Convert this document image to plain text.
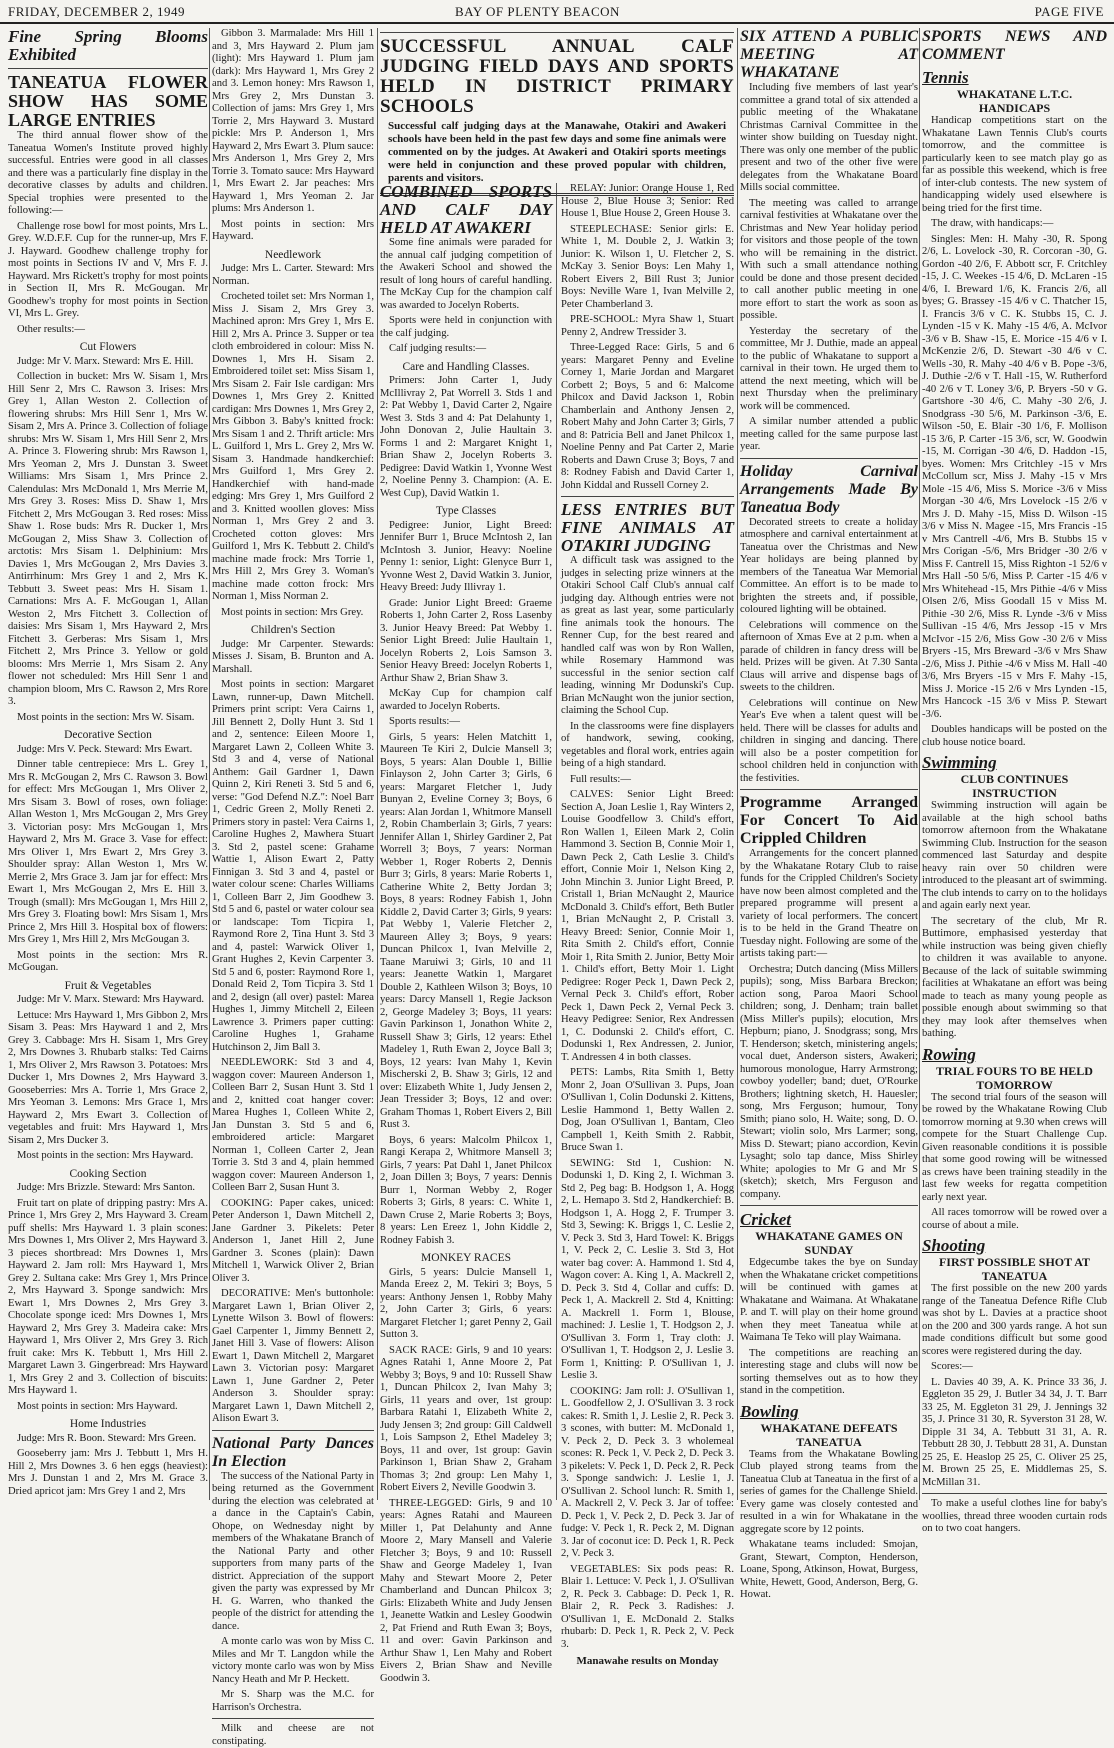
FRIDAY, DECEMBER 2, 1949	BAY OF PLENTY BEACON	PAGE FIVE
Fine Spring Blooms Exhibited
TANEATUA FLOWER SHOW HAS SOME LARGE ENTRIES

The third annual flower show of the Taneatua Women's Institute proved highly successful. Entries were good in all classes and there was a particularly fine display in the decorative classes by adults and children. Special trophies were presented to the following:—

Challenge rose bowl for most points, Mrs L. Grey. W.D.F.F. Cup for the runner-up, Mrs F. J. Hayward. Goodhew challenge trophy for most points in Sections IV and V, Mrs F. J. Hayward. Mrs Rickett's trophy for most points in Section II, Mrs R. McGougan. Mr Goodhew's trophy for most points in Section VI, Mrs L. Grey.

Other results:—

Cut Flowers

Judge: Mr V. Marx. Steward: Mrs E. Hill.

Collection in bucket: Mrs W. Sisam 1, Mrs Hill Senr 2, Mrs C. Rawson 3. Irises: Mrs Grey 1, Allan Weston 2. Collection of flowering shrubs: Mrs Hill Senr 1, Mrs W. Sisam 2, Mrs A. Prince 3. Collection of foliage shrubs: Mrs W. Sisam 1, Mrs Hill Senr 2, Mrs A. Prince 3. Flowering shrub: Mrs Rawson 1, Mrs Yeoman 2, Mrs J. Dunstan 3. Sweet Williams: Mrs Sisam 1, Mrs Prince 2. Calendulas: Mrs McDonald 1, Mrs Merrie M, Mrs Grey 3. Roses: Miss D. Shaw 1, Mrs Fitchett 2, Mrs McGougan 3. Red roses: Miss Shaw 1. Rose buds: Mrs R. Ducker 1, Mrs McGougan 2, Miss Shaw 3. Collection of arctotis: Mrs Sisam 1. Delphinium: Mrs Davies 1, Mrs McGougan 2, Mrs Davies 3. Antirrhinum: Mrs Grey 1 and 2, Mrs K. Tebbutt 3. Sweet peas: Mrs H. Sisam 1. Carnations: Mrs A. F. McGougan 1, Allan Weston 2, Mrs Fitchett 3. Collection of daisies: Mrs Sisam 1, Mrs Hayward 2, Mrs Fitchett 3. Gerberas: Mrs Sisam 1, Mrs Fitchett 2, Mrs Prince 3. Yellow or gold blooms: Mrs Merrie 1, Mrs Sisam 2. Any flower not scheduled: Mrs Hill Senr 1 and champion bloom, Mrs C. Rawson 2, Mrs Rore 3.

Most points in the section: Mrs W. Sisam.

Decorative Section

Judge: Mrs V. Peck. Steward: Mrs Ewart.

Dinner table centrepiece: Mrs L. Grey 1, Mrs R. McGougan 2, Mrs C. Rawson 3. Bowl for effect: Mrs McGougan 1, Mrs Oliver 2, Mrs Sisam 3. Bowl of roses, own foliage: Allan Weston 1, Mrs McGougan 2, Mrs Grey 3. Victorian posy: Mrs McGougan 1, Mrs Hayward 2, Mrs M. Grace 3. Vase for effect: Mrs Oliver 1, Mrs Ewart 2, Mrs Grey 3. Shoulder spray: Allan Weston 1, Mrs W. Merrie 2, Mrs Grace 3. Jam jar for effect: Mrs Ewart 1, Mrs McGougan 2, Mrs E. Hill 3. Trough (small): Mrs McGougan 1, Mrs Hill 2, Mrs Grey 3. Floating bowl: Mrs Sisam 1, Mrs Prince 2, Mrs Hill 3. Hospital box of flowers: Mrs Grey 1, Mrs Hill 2, Mrs McGougan 3.

Most points in the section: Mrs R. McGougan.

Fruit & Vegetables

Judge: Mr V. Marx. Steward: Mrs Hayward.

Lettuce: Mrs Hayward 1, Mrs Gibbon 2, Mrs Sisam 3. Peas: Mrs Hayward 1 and 2, Mrs Grey 3. Cabbage: Mrs H. Sisam 1, Mrs Grey 2, Mrs Downes 3. Rhubarb stalks: Ted Cairns 1, Mrs Oliver 2, Mrs Rawson 3. Potatoes: Mrs Ducker 1, Mrs Downes 2, Mrs Hayward 3. Gooseberries: Mrs A. Torrie 1, Mrs Grace 2, Mrs Yeoman 3. Lemons: Mrs Grace 1, Mrs Hayward 2, Mrs Ewart 3. Collection of vegetables and fruit: Mrs Hayward 1, Mrs Sisam 2, Mrs Ducker 3.

Most points in the section: Mrs Hayward.

Cooking Section

Judge: Mrs Brizzle. Steward: Mrs Santon.

Fruit tart on plate of dripping pastry: Mrs A. Prince 1, Mrs Grey 2, Mrs Hayward 3. Cream puff shells: Mrs Hayward 1. 3 plain scones: Mrs Downes 1, Mrs Oliver 2, Mrs Hayward 3. 3 pieces shortbread: Mrs Downes 1, Mrs Hayward 2. Jam roll: Mrs Hayward 1, Mrs Grey 2. Sultana cake: Mrs Grey 1, Mrs Prince 2, Mrs Hayward 3. Sponge sandwich: Mrs Ewart 1, Mrs Downes 2, Mrs Grey 3. Chocolate sponge iced: Mrs Downes 1, Mrs Hayward 2, Mrs Grey 3. Madeira cake: Mrs Hayward 1, Mrs Oliver 2, Mrs Grey 3. Rich fruit cake: Mrs K. Tebbutt 1, Mrs Hill 2. Margaret Lawn 3. Gingerbread: Mrs Hayward 1, Mrs Grey 2 and 3. Collection of biscuits: Mrs Hayward 1.

Most points in section: Mrs Hayward.

Home Industries

Judge: Mrs R. Boon. Steward: Mrs Green.

Gooseberry jam: Mrs J. Tebbutt 1, Mrs H. Hill 2, Mrs Downes 3. 6 hen eggs (heaviest): Mrs J. Dunstan 1 and 2, Mrs M. Grace 3. Dried apricot jam: Mrs Grey 1 and 2, Mrs

Gibbon 3. Marmalade: Mrs Hill 1 and 3, Mrs Hayward 2. Plum jam (light): Mrs Hayward 1. Plum jam (dark): Mrs Hayward 1, Mrs Grey 2 and 3. Lemon honey: Mrs Rawson 1, Mrs Grey 2, Mrs Dunstan 3. Collection of jams: Mrs Grey 1, Mrs Torrie 2, Mrs Hayward 3. Mustard pickle: Mrs P. Anderson 1, Mrs Hayward 2, Mrs Ewart 3. Plum sauce: Mrs Anderson 1, Mrs Grey 2, Mrs Torrie 3. Tomato sauce: Mrs Hayward 1, Mrs Ewart 2. Jar peaches: Mrs Hayward 1, Mrs Yeoman 2. Jar plums: Mrs Anderson 1.

Most points in section: Mrs Hayward.

Needlework

Judge: Mrs L. Carter. Steward: Mrs Norman.

Crocheted toilet set: Mrs Norman 1, Miss J. Sisam 2, Mrs Grey 3. Machined apron: Mrs Grey 1, Mrs E. Hill 2, Mrs A. Prince 3. Supper or tea cloth embroidered in colour: Miss N. Downes 1, Mrs H. Sisam 2. Embroidered toilet set: Miss Sisam 1, Mrs Sisam 2. Fair Isle cardigan: Mrs Downes 1, Mrs Grey 2. Knitted cardigan: Mrs Downes 1, Mrs Grey 2, Mrs Gibbon 3. Baby's knitted frock: Mrs Sisam 1 and 2. Thrift article: Mrs L. Guilford 1, Mrs L. Grey 2, Mrs W. Sisam 3. Handmade handkerchief: Mrs Guilford 1, Mrs Grey 2. Handkerchief with hand-made edging: Mrs Grey 1, Mrs Guilford 2 and 3. Knitted woollen gloves: Miss Norman 1, Mrs Grey 2 and 3. Crocheted cotton gloves: Mrs Guilford 1, Mrs K. Tebbutt 2. Child's machine made frock: Mrs Torrie 1, Mrs Hill 2, Mrs Grey 3. Woman's machine made cotton frock: Mrs Norman 1, Miss Norman 2.

Most points in section: Mrs Grey.

Children's Section

Judge: Mr Carpenter. Stewards: Misses J. Sisam, B. Brunton and A. Marshall.

Most points in section: Margaret Lawn, runner-up, Dawn Mitchell. Primers print script: Vera Cairns 1, Jill Bennett 2, Dolly Hunt 3. Std 1 and 2, sentence: Eileen Moore 1, Margaret Lawn 2, Colleen White 3. Std 3 and 4, verse of National Anthem: Gail Gardner 1, Dawn Quinn 2, Kiri Reneti 3. Std 5 and 6, verse: "God Defend N.Z.": Noel Barr 1, Cedric Green 2, Molly Reneti 2. Primers story in pastel: Vera Cairns 1, Caroline Hughes 2, Mawhera Stuart 3. Std 2, pastel scene: Grahame Wattie 1, Alison Ewart 2, Patty Finnigan 3. Std 3 and 4, pastel or water colour scene: Charles Williams 1, Colleen Barr 2, Jim Goodhew 3. Std 5 and 6, pastel or water colour sea or landscape: Tom Ticpira 1, Raymond Rore 2, Tina Hunt 3. Std 3 and 4, pastel: Warwick Oliver 1, Grant Hughes 2, Kevin Carpenter 3. Std 5 and 6, poster: Raymond Rore 1, Donald Reid 2, Tom Ticpira 3. Std 1 and 2, design (all over) pastel: Marea Hughes 1, Jimmy Mitchell 2, Eileen Lawrence 3. Primers paper cutting: Caroline Hughes 1, Grahame Hutchinson 2, Jim Ball 3.

NEEDLEWORK: Std 3 and 4, waggon cover: Maureen Anderson 1, Colleen Barr 2, Susan Hunt 3. Std 1 and 2, knitted coat hanger cover: Marea Hughes 1, Colleen White 2, Jan Dunstan 3. Std 5 and 6, embroidered article: Margaret Norman 1, Colleen Carter 2, Jean Torrie 3. Std 3 and 4, plain hemmed waggon cover: Maureen Anderson 1, Colleen Barr 2, Susan Hunt 3.

COOKING: Paper cakes, uniced: Peter Anderson 1, Dawn Mitchell 2, Jane Gardner 3. Pikelets: Peter Anderson 1, Janet Hill 2, June Gardner 3. Scones (plain): Dawn Mitchell 1, Warwick Oliver 2, Brian Oliver 3.

DECORATIVE: Men's buttonhole: Margaret Lawn 1, Brian Oliver 2, Lynette Wilson 3. Bowl of flowers: Gael Carpenter 1, Jimmy Bennett 2, Janet Hill 3. Vase of flowers: Alison Ewart 1, Dawn Mitchell 2, Margaret Lawn 3. Victorian posy: Margaret Lawn 1, June Gardner 2, Peter Anderson 3. Shoulder spray: Margaret Lawn 1, Dawn Mitchell 2, Alison Ewart 3.

National Party Dances In Election

The success of the National Party in being returned as the Government during the election was celebrated at a dance in the Captain's Cabin, Ohope, on Wednesday night by members of the Whakatane Branch of the National Party and other supporters from many parts of the district. Appreciation of the support given the party was expressed by Mr H. G. Warren, who thanked the people of the district for attending the dance.

A monte carlo was won by Miss C. Miles and Mr T. Langdon while the victory monte carlo was won by Miss Nancy Heath and Mr P. Heckett.

Mr S. Sharp was the M.C. for Harrison's Orchestra.

Milk and cheese are not constipating.

SUCCESSFUL ANNUAL CALF JUDGING FIELD DAYS AND SPORTS HELD IN DISTRICT PRIMARY SCHOOLS
Successful calf judging days at the Manawahe, Otakiri and Awakeri schools have been held in the past few days and some fine animals were commented on by the judges. At Awakeri and Otakiri sports meetings were held in conjunction and these proved popular with children, parents and visitors.
COMBINED SPORTS AND CALF DAY HELD AT AWAKERI

Some fine animals were paraded for the annual calf judging competition of the Awakeri School and showed the result of long hours of careful handling. The McKay Cup for the champion calf was awarded to Jocelyn Roberts.

Sports were held in conjunction with the calf judging.

Calf judging results:—

Care and Handling Classes.

Primers: John Carter 1, Judy McIllivray 2, Pat Worrell 3. Stds 1 and 2: Pat Webby 1, David Carter 2, Ngaire West 3. Stds 3 and 4: Pat Delahunty 1, John Donovan 2, Julie Haultain 3. Forms 1 and 2: Margaret Knight 1, Brian Shaw 2, Jocelyn Roberts 3. Pedigree: David Watkin 1, Yvonne West 2, Noeline Penny 3. Champion: (A. E. West Cup), David Watkin 1.

Type Classes

Pedigree: Junior, Light Breed: Jennifer Burr 1, Bruce McIntosh 2, Ian McIntosh 3. Junior, Heavy: Noeline Penny 1: senior, Light: Glenyce Burr 1, Yvonne West 2, David Watkin 3. Junior, Heavy Breed: Judy Illivray 1.

Grade: Junior Light Breed: Graeme Roberts 1, John Carter 2, Ross Lasenby 3. Junior Heavy Breed: Pat Webby 1. Senior Light Breed: Julie Haultain 1, Jocelyn Roberts 2, Lois Samson 3. Senior Heavy Breed: Jocelyn Roberts 1, Arthur Shaw 2, Brian Shaw 3.

McKay Cup for champion calf awarded to Jocelyn Roberts.

Sports results:—

Girls, 5 years: Helen Matchitt 1, Maureen Te Kiri 2, Dulcie Mansell 3; Boys, 5 years: Alan Double 1, Billie Finlayson 2, John Carter 3; Girls, 6 years: Margaret Fletcher 1, Judy Bunyan 2, Eveline Corney 3; Boys, 6 years: Alan Jordan 1, Whitmore Mansell 2, Robin Chamberlain 3; Girls, 7 years: Jennifer Allan 1, Shirley Gardiner 2, Pat Worrell 3; Boys, 7 years: Norman Webber 1, Roger Roberts 2, Dennis Burr 3; Girls, 8 years: Marie Roberts 1, Catherine White 2, Betty Jordan 3; Boys, 8 years: Rodney Fabish 1, John Kiddle 2, David Carter 3; Girls, 9 years: Pat Webby 1, Valerie Fletcher 2, Maureen Alley 3; Boys, 9 years: Duncan Philcox 1, Ivan Melville 2, Taane Maruiwi 3; Girls, 10 and 11 years: Jeanette Watkin 1, Margaret Double 2, Kathleen Wilson 3; Boys, 10 years: Darcy Mansell 1, Regie Jackson 2, George Madeley 3; Boys, 11 years: Gavin Parkinson 1, Jonathon White 2, Russell Shaw 3; Girls, 12 years: Ethel Madeley 1, Ruth Ewan 2, Joyce Ball 3; Boys, 12 years: Ivan Mahy 1, Kevin Mischerski 2, B. Shaw 3; Girls, 12 and over: Elizabeth White 1, Judy Jensen 2, Jean Tressider 3; Boys, 12 and over: Graham Thomas 1, Robert Eivers 2, Bill Rust 3.

Boys, 6 years: Malcolm Philcox 1, Rangi Kerapa 2, Whitmore Mansell 3; Girls, 7 years: Pat Dahl 1, Janet Philcox 2, Joan Dillen 3; Boys, 7 years: Dennis Burr 1, Norman Webby 2, Roger Roberts 3; Girls, 8 years: C. White 1, Dawn Cruse 2, Marie Roberts 3; Boys, 8 years: Len Ereez 1, John Kiddle 2, Rodney Fabish 3.

MONKEY RACES

Girls, 5 years: Dulcie Mansell 1, Manda Ereez 2, M. Tekiri 3; Boys, 5 years: Anthony Jensen 1, Robby Mahy 2, John Carter 3; Girls, 6 years: Margaret Fletcher 1; garet Penny 2, Gail Sutton 3.

SACK RACE: Girls, 9 and 10 years: Agnes Ratahi 1, Anne Moore 2, Pat Webby 3; Boys, 9 and 10: Russell Shaw 1, Duncan Philcox 2, Ivan Mahy 3; Girls, 11 years and over, 1st group: Barbara Ratahi 1, Elizabeth White 2, Judy Jensen 3; 2nd group: Gill Caldwell 1, Lois Sampson 2, Ethel Madeley 3; Boys, 11 and over, 1st group: Gavin Parkinson 1, Brian Shaw 2, Graham Thomas 3; 2nd group: Len Mahy 1, Robert Eivers 2, Neville Goodwin 3.

THREE-LEGGED: Girls, 9 and 10 years: Agnes Ratahi and Maureen Miller 1, Pat Delahunty and Anne Moore 2, Mary Mansell and Valerie Fletcher 3; Boys, 9 and 10: Russell Shaw and George Madeley 1, Ivan Mahy and Stewart Moore 2, Peter Chamberland and Duncan Philcox 3; Girls: Elizabeth White and Judy Jensen 1, Jeanette Watkin and Lesley Goodwin 2, Pat Friend and Ruth Ewan 3; Boys, 11 and over: Gavin Parkinson and Arthur Shaw 1, Len Mahy and Robert Eivers 2, Brian Shaw and Neville Goodwin 3.

RELAY: Junior: Orange House 1, Red House 2, Blue House 3; Senior: Red House 1, Blue House 2, Green House 3.

STEEPLECHASE: Senior girls: E. White 1, M. Double 2, J. Watkin 3; Junior: K. Wilson 1, U. Fletcher 2, S. McKay 3. Senior Boys: Len Mahy 1, Robert Eivers 2, Bill Rust 3; Junior Boys: Neville Ware 1, Ivan Melville 2, Peter Chamberland 3.

PRE-SCHOOL: Myra Shaw 1, Stuart Penny 2, Andrew Tressider 3.

Three-Legged Race: Girls, 5 and 6 years: Margaret Penny and Eveline Corney 1, Marie Jordan and Margaret Corbett 2; Boys, 5 and 6: Malcome Philcox and David Jackson 1, Robin Chamberlain and Anthony Jensen 2, Robert Mahy and John Carter 3; Girls, 7 and 8: Patricia Bell and Janet Philcox 1, Noeline Penny and Pat Carter 2, Marie Roberts and Dawn Cruse 3; Boys, 7 and 8: Rodney Fabish and David Carter 1, John Kiddal and Russell Corney 2.

LESS ENTRIES BUT FINE ANIMALS AT OTAKIRI JUDGING

A difficult task was assigned to the judges in selecting prize winners at the Otakiri School Calf Club's annual calf judging day. Although entries were not as great as last year, some particularly fine animals took the honours. The Renner Cup, for the best reared and handled calf was won by Ron Wallen, while Rosemary Hammond was successful in the senior section calf leading, winning Mr Dodunski's Cup. Brian McNaught won the junior section, claiming the School Cup.

In the classrooms were fine displayers of handwork, sewing, cooking, vegetables and floral work, entries again being of a high standard.

Full results:—

CALVES: Senior Light Breed: Section A, Joan Leslie 1, Ray Winters 2, Louise Goodfellow 3. Child's effort, Ron Wallen 1, Eileen Mark 2, Colin Hammond 3. Section B, Connie Moir 1, Dawn Peck 2, Cath Leslie 3. Child's effort, Connie Moir 1, Nelson King 2, John Minchin 3. Junior Light Breed, P. Cristall 1, Brian McNaught 2, Maurice McDonald 3. Child's effort, Beth Butler 1, Brian McNaught 2, P. Cristall 3. Heavy Breed: Senior, Connie Moir 1, Rita Smith 2. Child's effort, Connie Moir 1, Rita Smith 2. Junior, Betty Moir 1. Child's effort, Betty Moir 1. Light Pedigree: Roger Peck 1, Dawn Peck 2, Vernal Peck 3. Child's effort, Rober Peck 1, Dawn Peck 2, Vernal Peck 3. Heavy Pedigree: Senior, Rex Andressen 1, C. Dodunski 2. Child's effort, C. Dodunski 1, Rex Andressen, 2. Junior, T. Andressen 4 in both classes.

PETS: Lambs, Rita Smith 1, Betty Monr 2, Joan O'Sullivan 3. Pups, Joan O'Sullivan 1, Colin Dodunski 2. Kittens, Leslie Hammond 1, Betty Wallen 2. Dog, Joan O'Sullivan 1, Bantam, Cleo Campbell 1, Keith Smith 2. Rabbit, Bruce Swan 1.

SEWING: Std 1, Cushion: N. Dodunski 1, D. King 2, I. Wichman 3. Std 2, Peg bag: B. Hodgson 1, A. Hogg 2, L. Hemapo 3. Std 2, Handkerchief: B. Hodgson 1, A. Hogg 2, F. Trumper 3. Std 3, Sewing: K. Briggs 1, C. Leslie 2, V. Peck 3. Std 3, Hard Towel: K. Briggs 1, V. Peck 2, C. Leslie 3. Std 3, Hot water bag cover: A. Hammond 1. Std 4, Wagon cover: A. King 1, A. Mackrell 2, D. Peck 3. Std 4, Collar and cuffs: D. Peck 1, A. Mackrell 2. Std 4, Knitting: A. Mackrell 1. Form 1, Blouse, machined: J. Leslie 1, T. Hodgson 2, J. O'Sullivan 3. Form 1, Tray cloth: J. O'Sullivan 1, T. Hodgson 2, J. Leslie 3. Form 1, Knitting: P. O'Sullivan 1, J. Leslie 3.

COOKING: Jam roll: J. O'Sullivan 1, L. Goodfellow 2, J. O'Sullivan 3. 3 rock cakes: R. Smith 1, J. Leslie 2, R. Peck 3. 3 scones, with butter: M. McDonald 1, V. Peck 2, D. Peck 3. 3 wholemeal scones: R. Peck 1, V. Peck 2, D. Peck 3. 3 pikelets: V. Peck 1, D. Peck 2, R. Peck 3. Sponge sandwich: J. Leslie 1, J. O'Sullivan 2. School lunch: R. Smith 1, A. Mackrell 2, V. Peck 3. Jar of toffee: D. Peck 1, V. Peck 2, D. Peck 3. Jar of fudge: V. Peck 1, R. Peck 2, M. Dignan 3. Jar of coconut ice: D. Peck 1, R. Peck 2, V. Peck 3.

VEGETABLES: Six pods peas: R. Blair 1. Lettuce: V. Peck 1, J. O'Sullivan 2, R. Peck 3. Cabbage: D. Peck 1, R. Blair 2, R. Peck 3. Radishes: J. O'Sullivan 1, E. McDonald 2. Stalks rhubarb: D. Peck 1, R. Peck 2, V. Peck 3.

Manawahe results on Monday
SIX ATTEND A PUBLIC MEETING AT WHAKATANE

Including five members of last year's committee a grand total of six attended a public meeting of the Whakatane Christmas Carnival Committee in the winter show building on Tuesday night. There was only one member of the public present and two of the other five were delegates from the Whakatane Board Mills social committee.

The meeting was called to arrange carnival festivities at Whakatane over the Christmas and New Year holiday period for visitors and those people of the town who will be remaining in the district. With such a small attendance nothing could be done and those present decided to call another public meeting in one more effort to start the work as soon as possible.

Yesterday the secretary of the committee, Mr J. Duthie, made an appeal to the public of Whakatane to support a carnival in their town. He urged them to attend the next meeting, which will be next Thursday when the preliminary work will be commenced.

A similar number attended a public meeting called for the same purpose last year.

Holiday Carnival Arrangements Made By Taneatua Body

Decorated streets to create a holiday atmosphere and carnival entertainment at Taneatua over the Christmas and New Year holidays are being planned by members of the Taneatua War Memorial Committee. An effort is to be made to brighten the streets and, if possible, coloured lighting will be obtained.

Celebrations will commence on the afternoon of Xmas Eve at 2 p.m. when a parade of children in fancy dress will be held. Prizes will be given. At 7.30 Santa Claus will arrive and dispense bags of sweets to the children.

Celebrations will continue on New Year's Eve when a talent quest will be held. There will be classes for adults and children in singing and dancing. There will also be a poster competition for school children held in conjunction with the festivities.

Programme Arranged For Concert To Aid Crippled Children

Arrangements for the concert planned by the Whakatane Rotary Club to raise funds for the Crippled Children's Society have now been almost completed and the prepared programme will present a variety of local performers. The concert is to be held in the Grand Theatre on Tuesday night. Following are some of the artists taking part:—

Orchestra; Dutch dancing (Miss Millers pupils); song, Miss Barbara Breckon; action song, Paroa Maori School children; song, J. Denham; train ballet (Miss Miller's pupils); elocution, Mrs Hepburn; piano, J. Snodgrass; song, Mrs T. Henderson; sketch, ministering angels; vocal duet, Anderson sisters, Awakeri; humorous monologue, Harry Armstrong; cowboy yodeller; band; duet, O'Rourke Brothers; lightning sketch, H. Hauesler; song, Mrs Ferguson; humour, Tony Smith; piano solo, H. Waite; song, D. O. Stewart; violin solo, Mrs Larmer; song, Miss D. Stewart; piano accordion, Kevin Lysaght; solo tap dance, Miss Shirley White; apologies to Mr G and Mr S (sketch); sketch, Mrs Ferguson and company.

Cricket
WHAKATANE GAMES ON SUNDAY

Edgecumbe takes the bye on Sunday when the Whakatane cricket competitions will be continued with games at Whakatane and Waimana. At Whakatane P. and T. will play on their home ground when they meet Taneatua while at Waimana Te Teko will play Waimana.

The competitions are reaching an interesting stage and clubs will now be sorting themselves out as to how they stand in the competition.

Bowling
WHAKATANE DEFEATS TANEATUA

Teams from the Whakatane Bowling Club played strong teams from the Taneatua Club at Taneatua in the first of a series of games for the Challenge Shield. Every game was closely contested and resulted in a win for Whakatane in the aggregate score by 12 points.

Whakatane teams included: Smojan, Grant, Stewart, Compton, Henderson, Loane, Spong, Atkinson, Howat, Burgess, White, Hewett, Good, Anderson, Berg, G. Howat.

SPORTS NEWS AND COMMENT
Tennis
WHAKATANE L.T.C. HANDICAPS

Handicap competitions start on the Whakatane Lawn Tennis Club's courts tomorrow, and the committee is particularly keen to see match play go as far as possible this weekend, which is free of inter-club contests. The new system of handicapping widely used elsewhere is being tried for the first time.

The draw, with handicaps:—

Singles: Men: H. Mahy -30, R. Spong 2/6, L. Lovelock -30, R. Corcoran -30, G. Gordon -40 2/6, F. Abbott scr, F. Critchley -15, J. C. Weekes -15 4/6, D. McLaren -15 4/6, I. Breward 1/6, K. Francis 2/6, all byes; G. Brassey -15 4/6 v C. Thatcher 15, I. Francis 3/6 v C. K. Stubbs 15, C. J. Lynden -15 v K. Mahy -15 4/6, A. McIvor -3/6 v B. Shaw -15, E. Morice -15 4/6 v I. McKenzie 2/6, D. Stewart -30 4/6 v C. Wells -30, R. Mahy -40 4/6 v B. Pope -3/6, J. Duthie -2/6 v T. Hall -15, W. Rutherford -40 2/6 v T. Loney 3/6, P. Bryers -50 v G. Gartshore -30 4/6, C. Mahy -30 2/6, J. Snodgrass -30 5/6, M. Parkinson -3/6, E. Wilson -50, E. Blair -30 1/6, F. Mollison -15 3/6, P. Carter -15 3/6, scr, W. Goodwin -15, M. Corrigan -30 4/6, D. Haddon -15, byes. Women: Mrs Critchley -15 v Mrs McCollum scr, Miss J. Mahy -15 v Mrs Mole -15 4/6, Miss S. Morice -3/6 v Miss Morgan -30 4/6, Mrs Lovelock -15 2/6 v Mrs J. D. Mahy -15, Miss D. Wilson -15 3/6 v Miss N. Magee -15, Mrs Francis -15 v Mrs Cantrell -4/6, Mrs B. Stubbs 15 v Mrs Corigan -5/6, Mrs Bridger -30 2/6 v Miss F. Cantrell 15, Miss Righton -1 52/6 v Mrs Hall -50 5/6, Miss P. Carter -15 4/6 v Mrs Whitehead -15, Mrs Pithie -4/6 v Miss Olsen 2/6, Miss Goodall 15 v Miss M. Pithie -30 2/6, Miss R. Lynde -3/6 v Miss Sullivan -15 4/6, Mrs Jessop -15 v Mrs McIvor -15 2/6, Miss Gow -30 2/6 v Miss Bryers -15, Mrs Breward -3/6 v Mrs Shaw -2/6, Miss J. Pithie -4/6 v Miss M. Hall -40 3/6, Mrs Bryers -15 v Mrs F. Mahy -15, Miss J. Morice -15 2/6 v Mrs Lynden -15, Mrs Hancock -15 3/6 v Miss P. Stewart -3/6.

Doubles handicaps will be posted on the club house notice board.

Swimming
CLUB CONTINUES INSTRUCTION

Swimming instruction will again be available at the high school baths tomorrow afternoon from the Whakatane Swimming Club. Instruction for the season commenced last Saturday and despite heavy rain over 50 children were introduced to the pleasant art of swimming. The club intends to carry on to the holidays and again early next year.

The secretary of the club, Mr R. Buttimore, emphasised yesterday that while instruction was being given chiefly to children it was available to anyone. Because of the lack of suitable swimming facilities at Whakatane an effort was being made to teach as many young people as possible enough about swimming so that they may look after themselves when bathing.

Rowing
TRIAL FOURS TO BE HELD TOMORROW

The second trial fours of the season will be rowed by the Whakatane Rowing Club tomorrow morning at 9.30 when crews will compete for the Stuart Challenge Cup. Given reasonable conditions it is possible that some good rowing will be witnessed as crews have been training steadily in the last few weeks for regatta competition early next year.

All races tomorrow will be rowed over a course of about a mile.

Shooting
FIRST POSSIBLE SHOT AT TANEATUA

The first possible on the new 200 yards range of the Taneatua Defence Rifle Club was shot by L. Davies at a practice shoot on the 200 and 300 yards range. A hot sun made conditions difficult but some good scores were registered during the day.

Scores:—

L. Davies 40 39, A. K. Prince 33 36, J. Eggleton 35 29, J. Butler 34 34, J. T. Barr 33 25, M. Eggleton 31 29, J. Jennings 32 35, J. Prince 31 30, R. Syverston 31 28, W. Dipple 31 34, A. Tebbutt 31 31, A. R. Tebbutt 28 30, J. Tebbutt 28 31, A. Dunstan 25 25, E. Heaslop 25 25, C. Oliver 25 25, M. Brown 25 25, E. Middlemas 25, S. McMillan 31.

To make a useful clothes line for baby's woollies, thread three wooden curtain rods on to two coat hangers.
